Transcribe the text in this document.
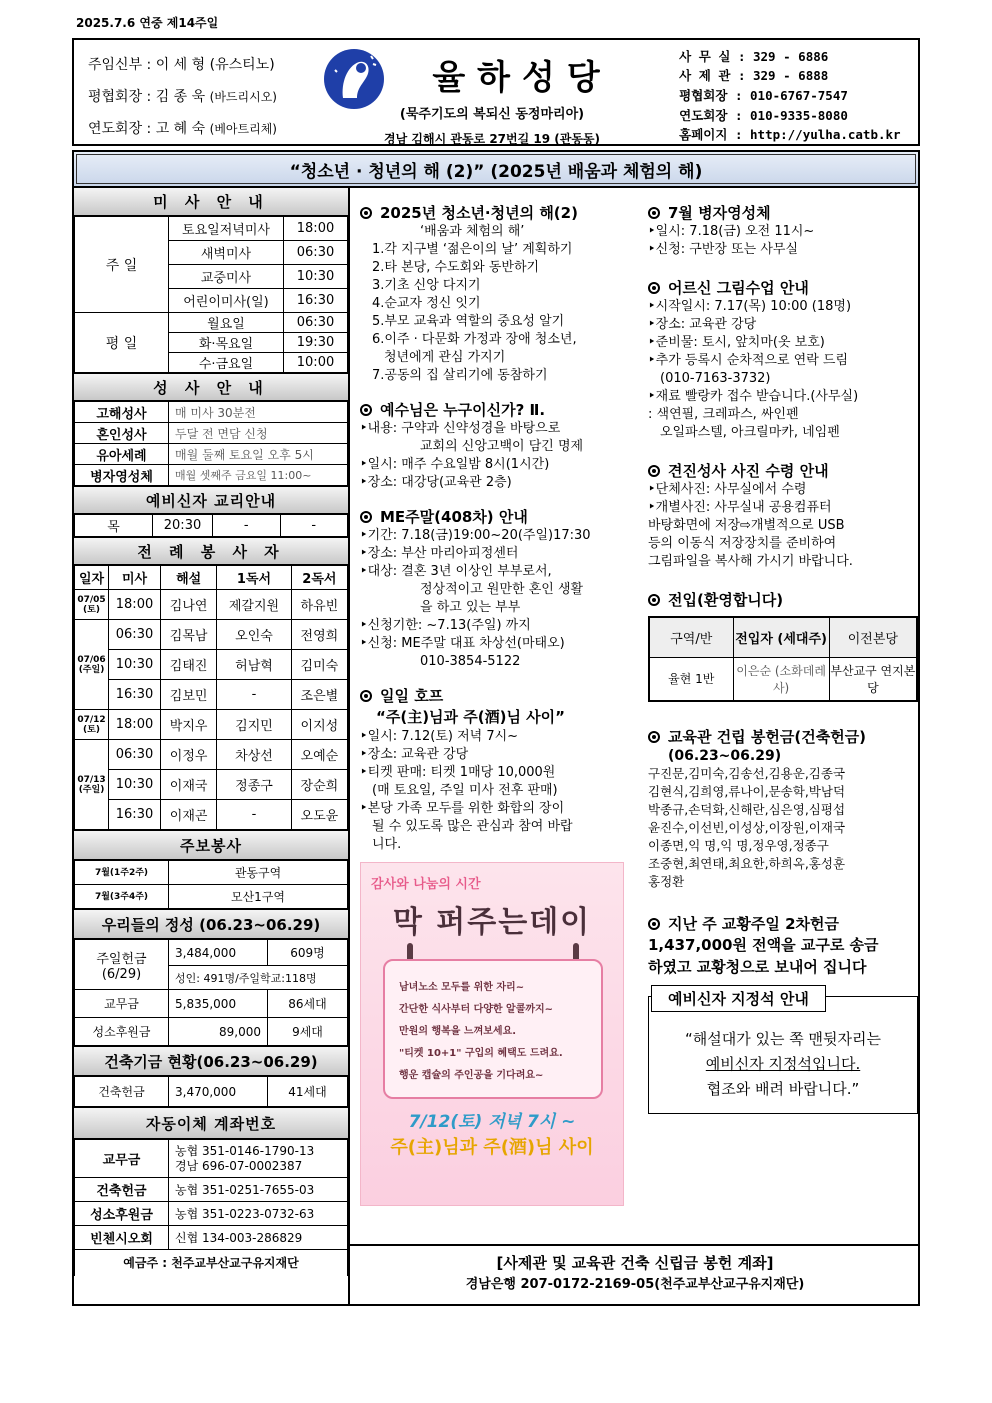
2025.7.6 연중 제14주일
주임신부 : 이 세 형 (유스티노)
평협회장 : 김 종 욱 (바드리시오)
연도회장 : 고 혜 숙 (베아트리체)
율하성당
(묵주기도의 복되신 동정마리아)
경남 김해시 관동로 27번길 19 (관동동)
사 무 실 : 329 - 6886
사 제 관 : 329 - 6888
평협회장 : 010-6767-7547
연도회장 : 010-9335-8080
홈페이지 : http://yulha.catb.kr
“청소년 · 청년의 해 (2)” (2025년 배움과 체험의 해)
미 사 안 내
주 일	토요일저녁미사	18:00
	새벽미사	06:30
	교중미사	10:30
	어린이미사(일)	16:30
평 일	월요일	06:30
	화·목요일	19:30
	수·금요일	10:00
성 사 안 내
고해성사	매 미사 30분전
혼인성사	두달 전 면담 신청
유아세례	매월 둘째 토요일 오후 5시
병자영성체	매월 셋째주 금요일 11:00~
예비신자 교리안내
목	20:30	-	-
전 례 봉 사 자
일자	미사	해설	1독서	2독서
07/05 (토)	18:00	김나연	제갈지원	하유빈
07/06 (주일)	06:30	김목남	오인숙	전영희
	10:30	김태진	허남혁	김미숙
	16:30	김보민	-	조은별
07/12 (토)	18:00	박지우	김지민	이지성
07/13 (주일)	06:30	이정우	차상선	오예순
	10:30	이재국	정종구	장순희
	16:30	이재곤	-	오도윤
주보봉사
7월(1주2주)	관동구역
7월(3주4주)	모산1구역
우리들의 정성 (06.23~06.29)
주일헌금 (6/29)	3,484,000	609명
	성인: 491명/주일학교:118명	
교무금	5,835,000	86세대
성소후원금	89,000	9세대
건축기금 현황(06.23~06.29)
건축헌금	3,470,000	41세대
자동이체 계좌번호
교무금	농협 351-0146-1790-13
경남 696-07-0002387
건축헌금	농협 351-0251-7655-03
성소후원금	농협 351-0223-0732-63
빈첸시오회	신협 134-003-286829
예금주 : 천주교부산교구유지재단	
2025년 청소년·청년의 해(2)
‘배움과 체험의 해’
1.각 지구별 ‘젊은이의 날’ 계획하기
2.타 본당, 수도회와 동반하기
3.기초 신앙 다지기
4.순교자 정신 잇기
5.부모 교육과 역할의 중요성 알기
6.이주 · 다문화 가정과 장애 청소년,
청년에게 관심 가지기
7.공동의 집 살리기에 동참하기
예수님은 누구이신가? Ⅱ.
‣내용: 구약과 신약성경을 바탕으로
교회의 신앙고백이 담긴 명제
‣일시: 매주 수요일밤 8시(1시간)
‣장소: 대강당(교육관 2층)
ME주말(408차) 안내
‣기간: 7.18(금)19:00~20(주일)17:30
‣장소: 부산 마리아피정센터
‣대상: 결혼 3년 이상인 부부로서,
정상적이고 원만한 혼인 생활
을 하고 있는 부부
‣신청기한: ~7.13(주일) 까지
‣신청: ME주말 대표 차상선(마태오)
010-3854-5122
일일 호프
“주(主)님과 주(酒)님 사이”
‣일시: 7.12(토) 저녁 7시~
‣장소: 교육관 강당
‣티켓 판매: 티켓 1매당 10,000원
(매 토요일, 주일 미사 전후 판매)
‣본당 가족 모두를 위한 화합의 장이
될 수 있도록 많은 관심과 참여 바랍
니다.
감사와 나눔의 시간
막 퍼주는데이
남녀노소 모두를 위한 자리~
간단한 식사부터 다양한 알콜까지~
만원의 행복을 느껴보세요.
"티켓 10+1" 구입의 혜택도 드려요.
행운 캡슐의 주인공을 기다려요~
7/12(토) 저녁 7시 ~
주(主)님과 주(酒)님 사이
7월 병자영성체
‣일시: 7.18(금) 오전 11시~
‣신청: 구반장 또는 사무실
어르신 그림수업 안내
‣시작일시: 7.17(목) 10:00 (18명)
‣장소: 교육관 강당
‣준비물: 토시, 앞치마(옷 보호)
‣추가 등록시 순차적으로 연락 드림
(010-7163-3732)
‣재료 빨랑카 접수 받습니다.(사무실)
: 색연필, 크레파스, 싸인펜
오일파스텔, 아크릴마카, 네임펜
견진성사 사진 수령 안내
‣단체사진: 사무실에서 수령
‣개별사진: 사무실내 공용컴퓨터
바탕화면에 저장⇨개별적으로 USB
등의 이동식 저장장치를 준비하여
그림파일을 복사해 가시기 바랍니다.
전입(환영합니다)
구역/반	전입자 (세대주)	이전본당
율현 1반	이은순 (소화데레사)	부산교구 연지본당
교육관 건립 봉헌금(건축헌금)
(06.23~06.29)
구진문,김미숙,김송선,김용운,김종국
김현식,김희영,류나이,문송학,박남덕
박종규,손덕화,신해란,심은영,심평섭
윤진수,이선빈,이성상,이장원,이재국
이종면,익 명,익 명,정우영,정종구
조중현,최연태,최요한,하희옥,홍성훈
홍정환
지난 주 교황주일 2차헌금
1,437,000원 전액을 교구로 송금
하였고 교황청으로 보내어 집니다
예비신자 지정석 안내
“해설대가 있는 쪽 맨뒷자리는
예비신자 지정석입니다.
협조와 배려 바랍니다.”
[사제관 및 교육관 건축 신립금 봉헌 계좌]
경남은행 207-0172-2169-05(천주교부산교구유지재단)
